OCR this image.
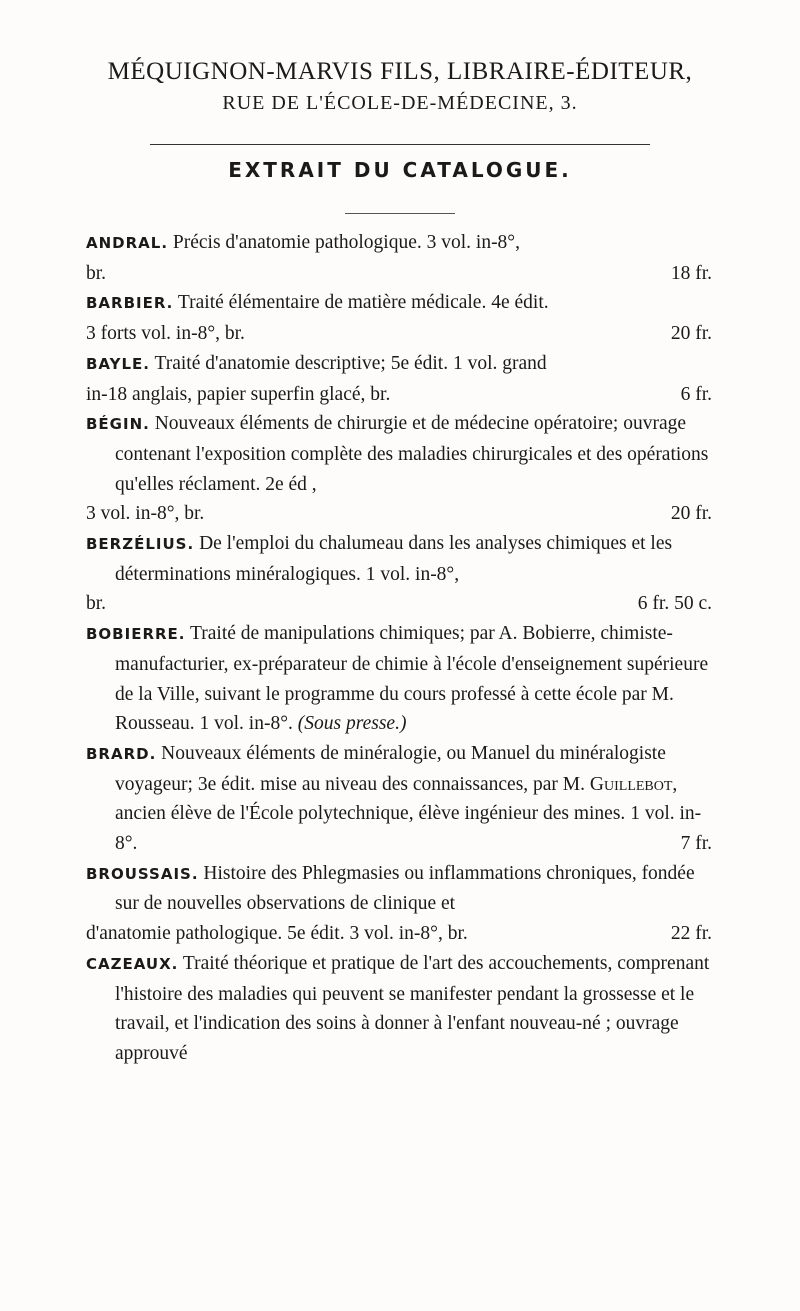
MÉQUIGNON-MARVIS FILS, LIBRAIRE-ÉDITEUR,
RUE DE L'ÉCOLE-DE-MÉDECINE, 3.
EXTRAIT DU CATALOGUE.
ANDRAL. Précis d'anatomie pathologique. 3 vol. in-8°,
br.	18 fr.
BARBIER. Traité élémentaire de matière médicale. 4e édit.
3 forts vol. in-8°, br.	20 fr.
BAYLE. Traité d'anatomie descriptive; 5e édit. 1 vol. grand
in-18 anglais, papier superfin glacé, br.	6 fr.
BÉGIN. Nouveaux éléments de chirurgie et de médecine opératoire; ouvrage contenant l'exposition complète des maladies chirurgicales et des opérations qu'elles réclament. 2e éd ,
3 vol. in-8°, br.	20 fr.
BERZÉLIUS. De l'emploi du chalumeau dans les analyses chimiques et les déterminations minéralogiques. 1 vol. in-8°,
br.	6 fr. 50 c.
BOBIERRE. Traité de manipulations chimiques; par A. Bobierre, chimiste-manufacturier, ex-préparateur de chimie à l'école d'enseignement supérieure de la Ville, suivant le programme du cours professé à cette école par M. Rousseau. 1 vol. in-8°. (Sous presse.)
BRARD. Nouveaux éléments de minéralogie, ou Manuel du minéralogiste voyageur; 3e édit. mise au niveau des connaissances, par M. Guillebot, ancien élève de l'École polytechnique, élève ingénieur des mines. 1 vol. in-8°.	7 fr.
BROUSSAIS. Histoire des Phlegmasies ou inflammations chroniques, fondée sur de nouvelles observations de clinique et
d'anatomie pathologique. 5e édit. 3 vol. in-8°, br.	22 fr.
CAZEAUX. Traité théorique et pratique de l'art des accouchements, comprenant l'histoire des maladies qui peuvent se manifester pendant la grossesse et le travail, et l'indication des soins à donner à l'enfant nouveau-né ; ouvrage approuvé
